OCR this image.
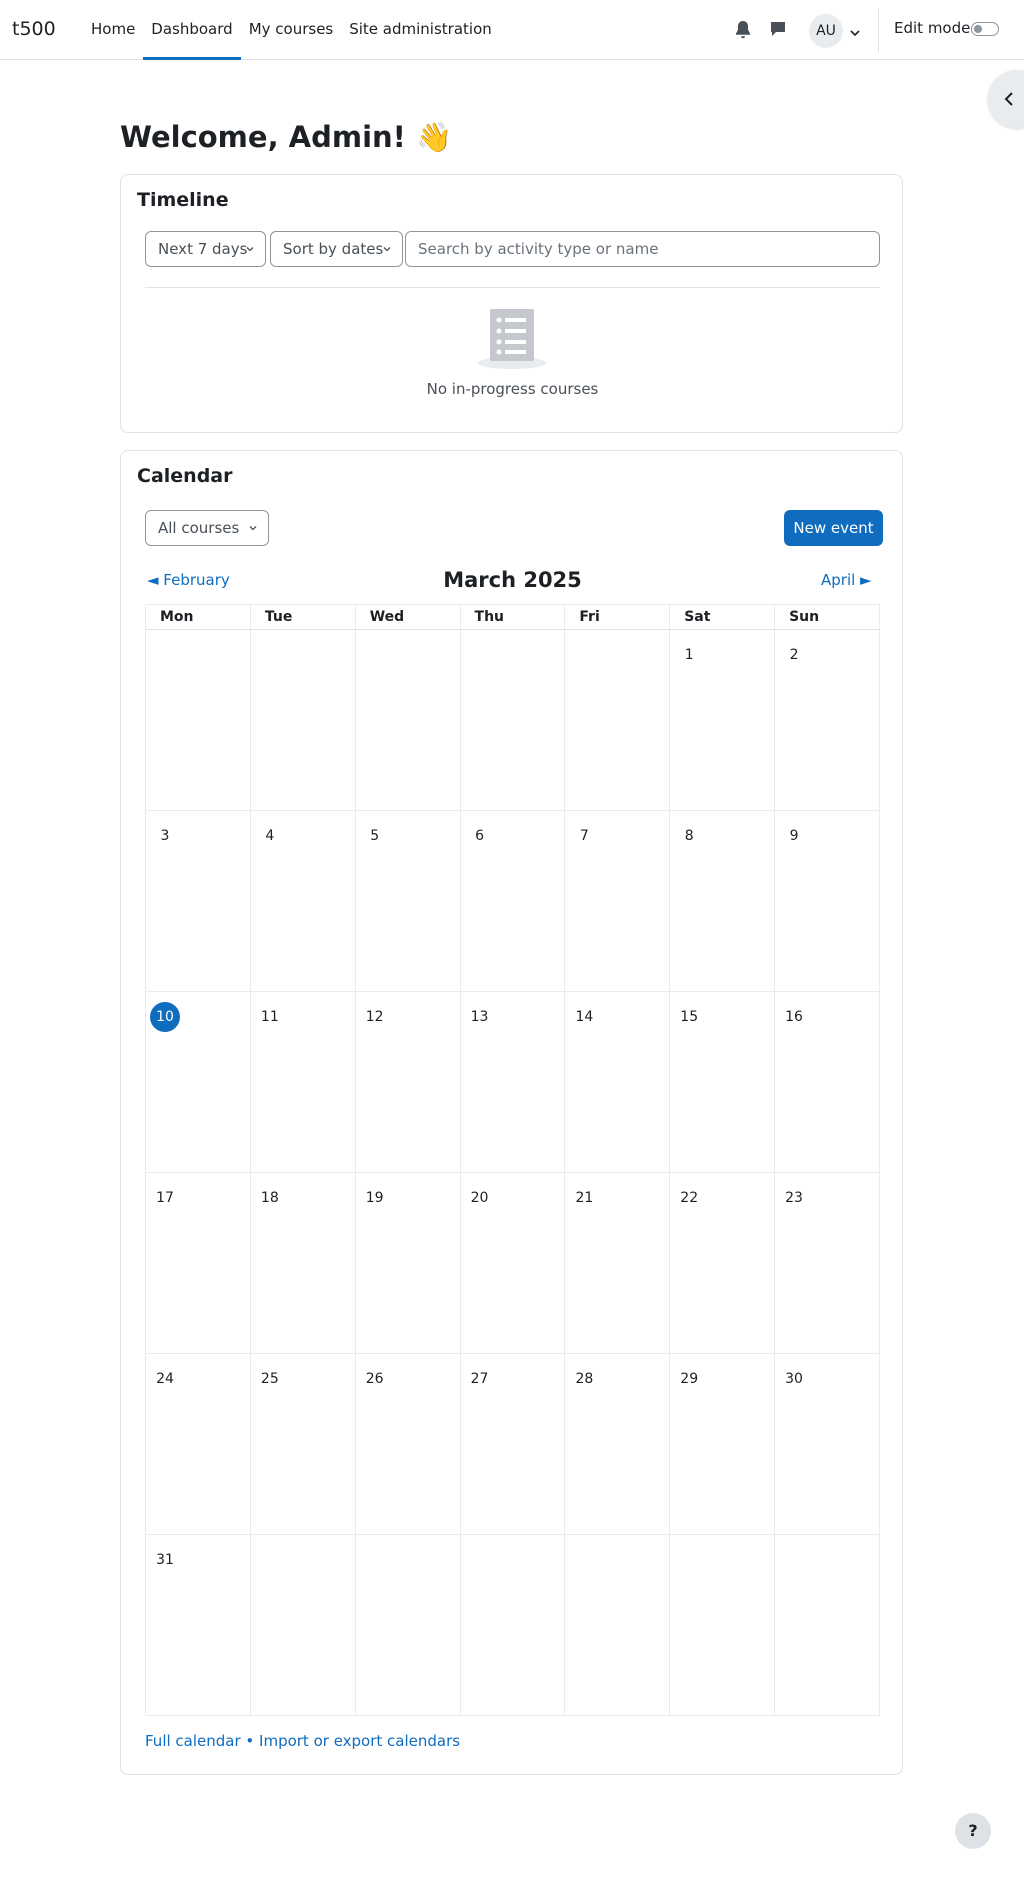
t500	Home	Dashboard	My courses	Site administration	AU	Edit mode
Welcome, Admin! 👋
Timeline
Next 7 days	Sort by dates
Search by activity type or name
No in-progress courses
Calendar
All courses	New event
◄ February	March 2025	April ►
Mon	Tue	Wed	Thu	Fri	Sat	Sun
					1	2
3	4	5	6	7	8	9
10	11	12	13	14	15	16
17	18	19	20	21	22	23
24	25	26	27	28	29	30
31						
Full calendar • Import or export calendars
?
